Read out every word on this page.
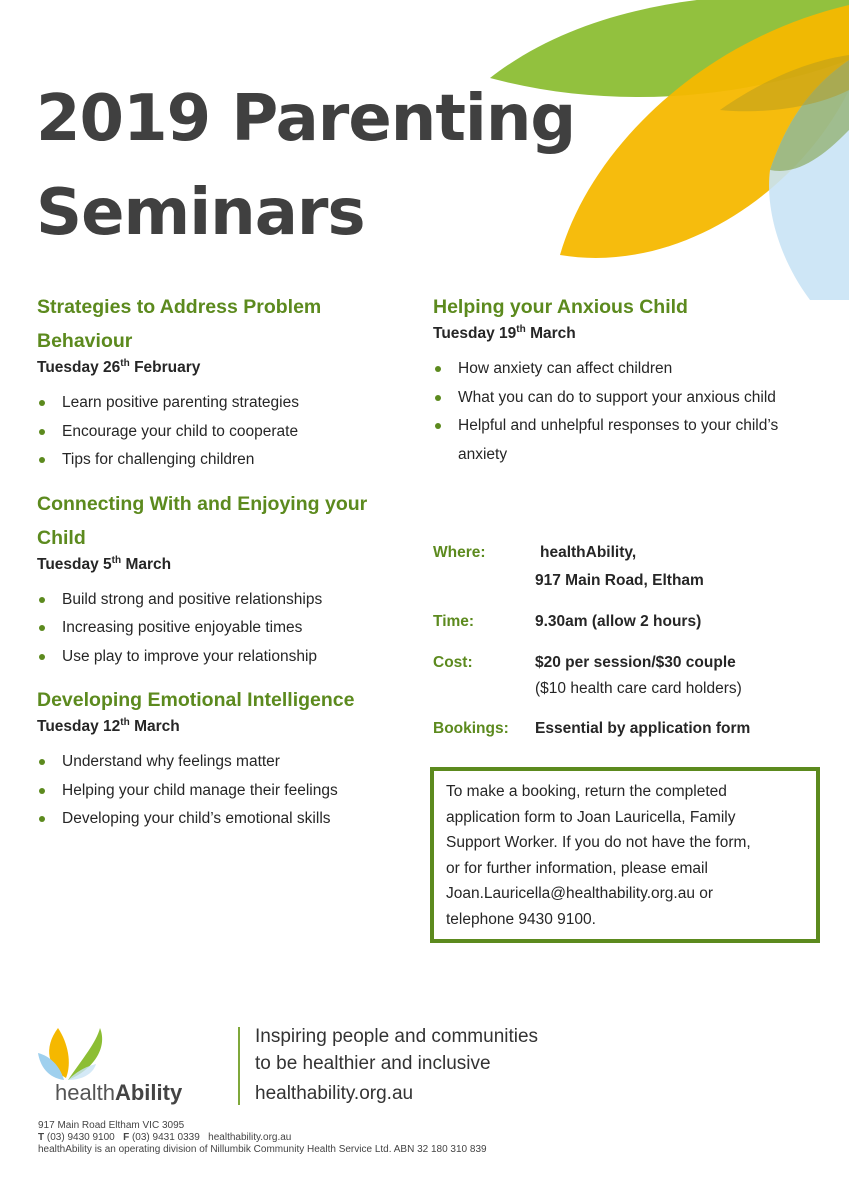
2019 Parenting
Seminars

Strategies to Address Problem
Behaviour

Tuesday 26th February

Learn positive parenting strategies
Encourage your child to cooperate
Tips for challenging children

Connecting With and Enjoying your
Child

Tuesday 5th March

Build strong and positive relationships
Increasing positive enjoyable times
Use play to improve your relationship

Developing Emotional Intelligence

Tuesday 12th March

Understand why feelings matter
Helping your child manage their feelings
Developing your child’s emotional skills

Helping your Anxious Child

Tuesday 19th March

How anxiety can affect children
What you can do to support your anxious child
Helpful and unhelpful responses to your child’s anxiety
Where:	healthAbility,
917 Main Road, Eltham
Time:	9.30am (allow 2 hours)
Cost:	$20 per session/$30 couple
($10 health care card holders)
Bookings:	Essential by application form
To make a booking, return the completed
application form to Joan Lauricella, Family
Support Worker. If you do not have the form,
or for further information, please email
Joan.Lauricella@healthability.org.au or
telephone 9430 9100.
healthAbility
Inspiring people and communities
to be healthier and inclusive
healthability.org.au
917 Main Road Eltham VIC 3095
T (03) 9430 9100 F (03) 9431 0339 healthability.org.au
healthAbility is an operating division of Nillumbik Community Health Service Ltd. ABN 32 180 310 839
